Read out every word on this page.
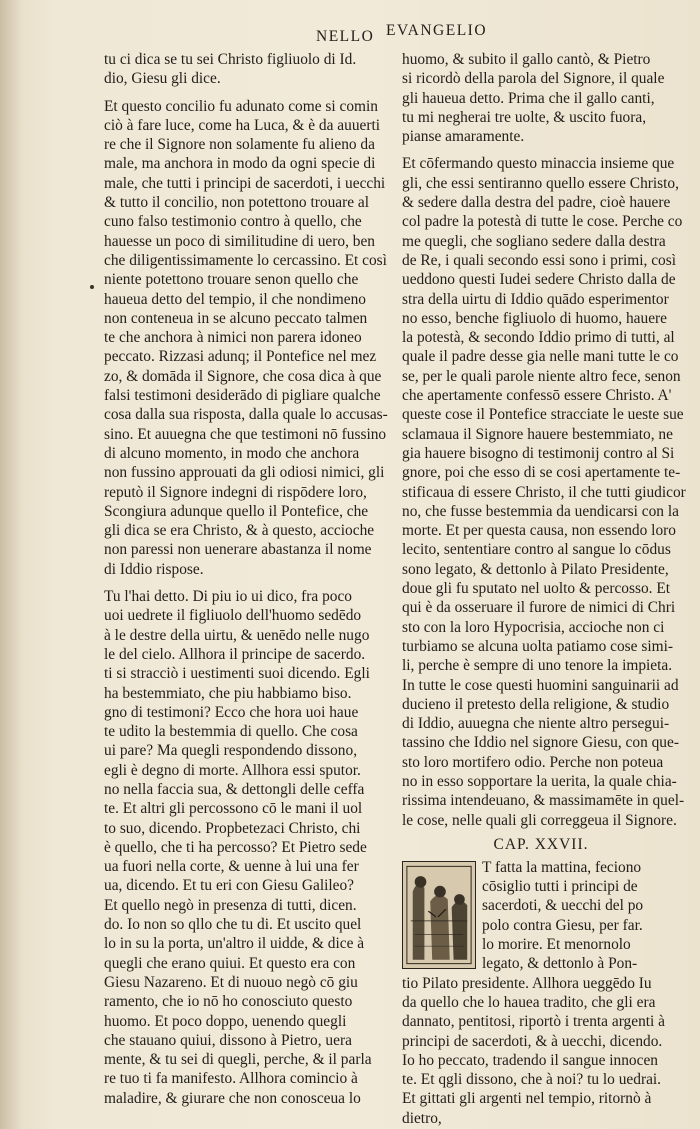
NELLO EVANGELIO
tu ci dica se tu sei Christo figliuolo di Id.
dio, Giesu gli dice.
Et questo concilio fu adunato come si comin
ciò à fare luce, come ha Luca, & è da auuerti
re che il Signore non solamente fu alieno da
male, ma anchora in modo da ogni specie di
male, che tutti i principi de sacerdoti, i uecchi
& tutto il concilio, non potettono trouare al
cuno falso testimonio contro à quello, che
hauesse un poco di similitudine di uero, ben
che diligentissimamente lo cercassino. Et così
niente potettono trouare senon quello che
haueua detto del tempio, il che nondimeno
non conteneua in se alcuno peccato talmen
te che anchora à nimici non parera idoneo
peccato. Rizzasi adunq; il Pontefice nel mez
zo, & domāda il Signore, che cosa dica à que
falsi testimoni desiderādo di pigliare qualche
cosa dalla sua risposta, dalla quale lo accusas-
sino. Et auuegna che que testimoni nō fussino
di alcuno momento, in modo che anchora
non fussino approuati da gli odiosi nimici, gli
reputò il Signore indegni di rispōdere loro,
Scongiura adunque quello il Pontefice, che
gli dica se era Christo, & à questo, accioche
non paressi non uenerare abastanza il nome
di Iddio rispose.
Tu l'hai detto. Di piu io ui dico, fra poco
uoi uedrete il figliuolo dell'huomo sedēdo
à le destre della uirtu, & uenēdo nelle nugo
le del cielo. Allhora il principe de sacerdo.
ti si stracciò i uestimenti suoi dicendo. Egli
ha bestemmiato, che piu habbiamo biso.
gno di testimoni? Ecco che hora uoi haue
te udito la bestemmia di quello. Che cosa
ui pare? Ma quegli respondendo dissono,
egli è degno di morte. Allhora essi sputor.
no nella faccia sua, & dettongli delle ceffa
te. Et altri gli percossono cō le mani il uol
to suo, dicendo. Propbetezaci Christo, chi
è quello, che ti ha percosso? Et Pietro sede
ua fuori nella corte, & uenne à lui una fer
ua, dicendo. Et tu eri con Giesu Galileo?
Et quello negò in presenza di tutti, dicen.
do. Io non so qllo che tu di. Et uscito quel
lo in su la porta, un'altro il uidde, & dice à
quegli che erano quiui. Et questo era con
Giesu Nazareno. Et di nuouo negò cō giu
ramento, che io nō ho conosciuto questo
huomo. Et poco doppo, uenendo quegli
che stauano quiui, dissono à Pietro, uera
mente, & tu sei di quegli, perche, & il parla
re tuo ti fa manifesto. Allhora comincio à
maladire, & giurare che non conosceua lo
huomo, & subito il gallo cantò, & Pietro
si ricordò della parola del Signore, il quale
gli haueua detto. Prima che il gallo canti,
tu mi negherai tre uolte, & uscito fuora,
pianse amaramente.
Et cōfermando questo minaccia insieme que
gli, che essi sentiranno quello essere Christo,
& sedere dalla destra del padre, cioè hauere
col padre la potestà di tutte le cose. Perche co
me quegli, che sogliano sedere dalla destra
de Re, i quali secondo essi sono i primi, così
ueddono questi Iudei sedere Christo dalla de
stra della uirtu di Iddio quādo esperimentor
no esso, benche figliuolo di huomo, hauere
la potestà, & secondo Iddio primo di tutti, al
quale il padre desse gia nelle mani tutte le co
se, per le quali parole niente altro fece, senon
che apertamente confessō essere Christo. A'
queste cose il Pontefice stracciate le ueste sue
sclamaua il Signore hauere bestemmiato, ne
gia hauere bisogno di testimonij contro al Si
gnore, poi che esso di se cosi apertamente te-
stificaua di essere Christo, il che tutti giudicor
no, che fusse bestemmia da uendicarsi con la
morte. Et per questa causa, non essendo loro
lecito, sententiare contro al sangue lo cōdus
sono legato, & dettonlo à Pilato Presidente,
doue gli fu sputato nel uolto & percosso. Et
qui è da osseruare il furore de nimici di Chri
sto con la loro Hypocrisia, accioche non ci
turbiamo se alcuna uolta patiamo cose simi-
li, perche è sempre di uno tenore la impieta.
In tutte le cose questi huomini sanguinarii ad
ducieno il pretesto della religione, & studio
di Iddio, auuegna che niente altro persegui-
tassino che Iddio nel signore Giesu, con que-
sto loro mortifero odio. Perche non poteua
no in esso sopportare la uerita, la quale chia-
rissima intendeuano, & massimamēte in quel-
le cose, nelle quali gli correggeua il Signore.
CAP. XXVII.
T fatta la mattina, feciono
cōsiglio tutti i principi de
sacerdoti, & uecchi del po
polo contra Giesu, per far.
lo morire. Et menornolo
legato, & dettonlo à Pon-
tio Pilato presidente. Allhora ueggēdo Iu
da quello che lo hauea tradito, che gli era
dannato, pentitosi, riportò i trenta argenti à
principi de sacerdoti, & à uecchi, dicendo.
Io ho peccato, tradendo il sangue innocen
te. Et qgli dissono, che à noi? tu lo uedrai.
Et gittati gli argenti nel tempio, ritornò à
dietro,
